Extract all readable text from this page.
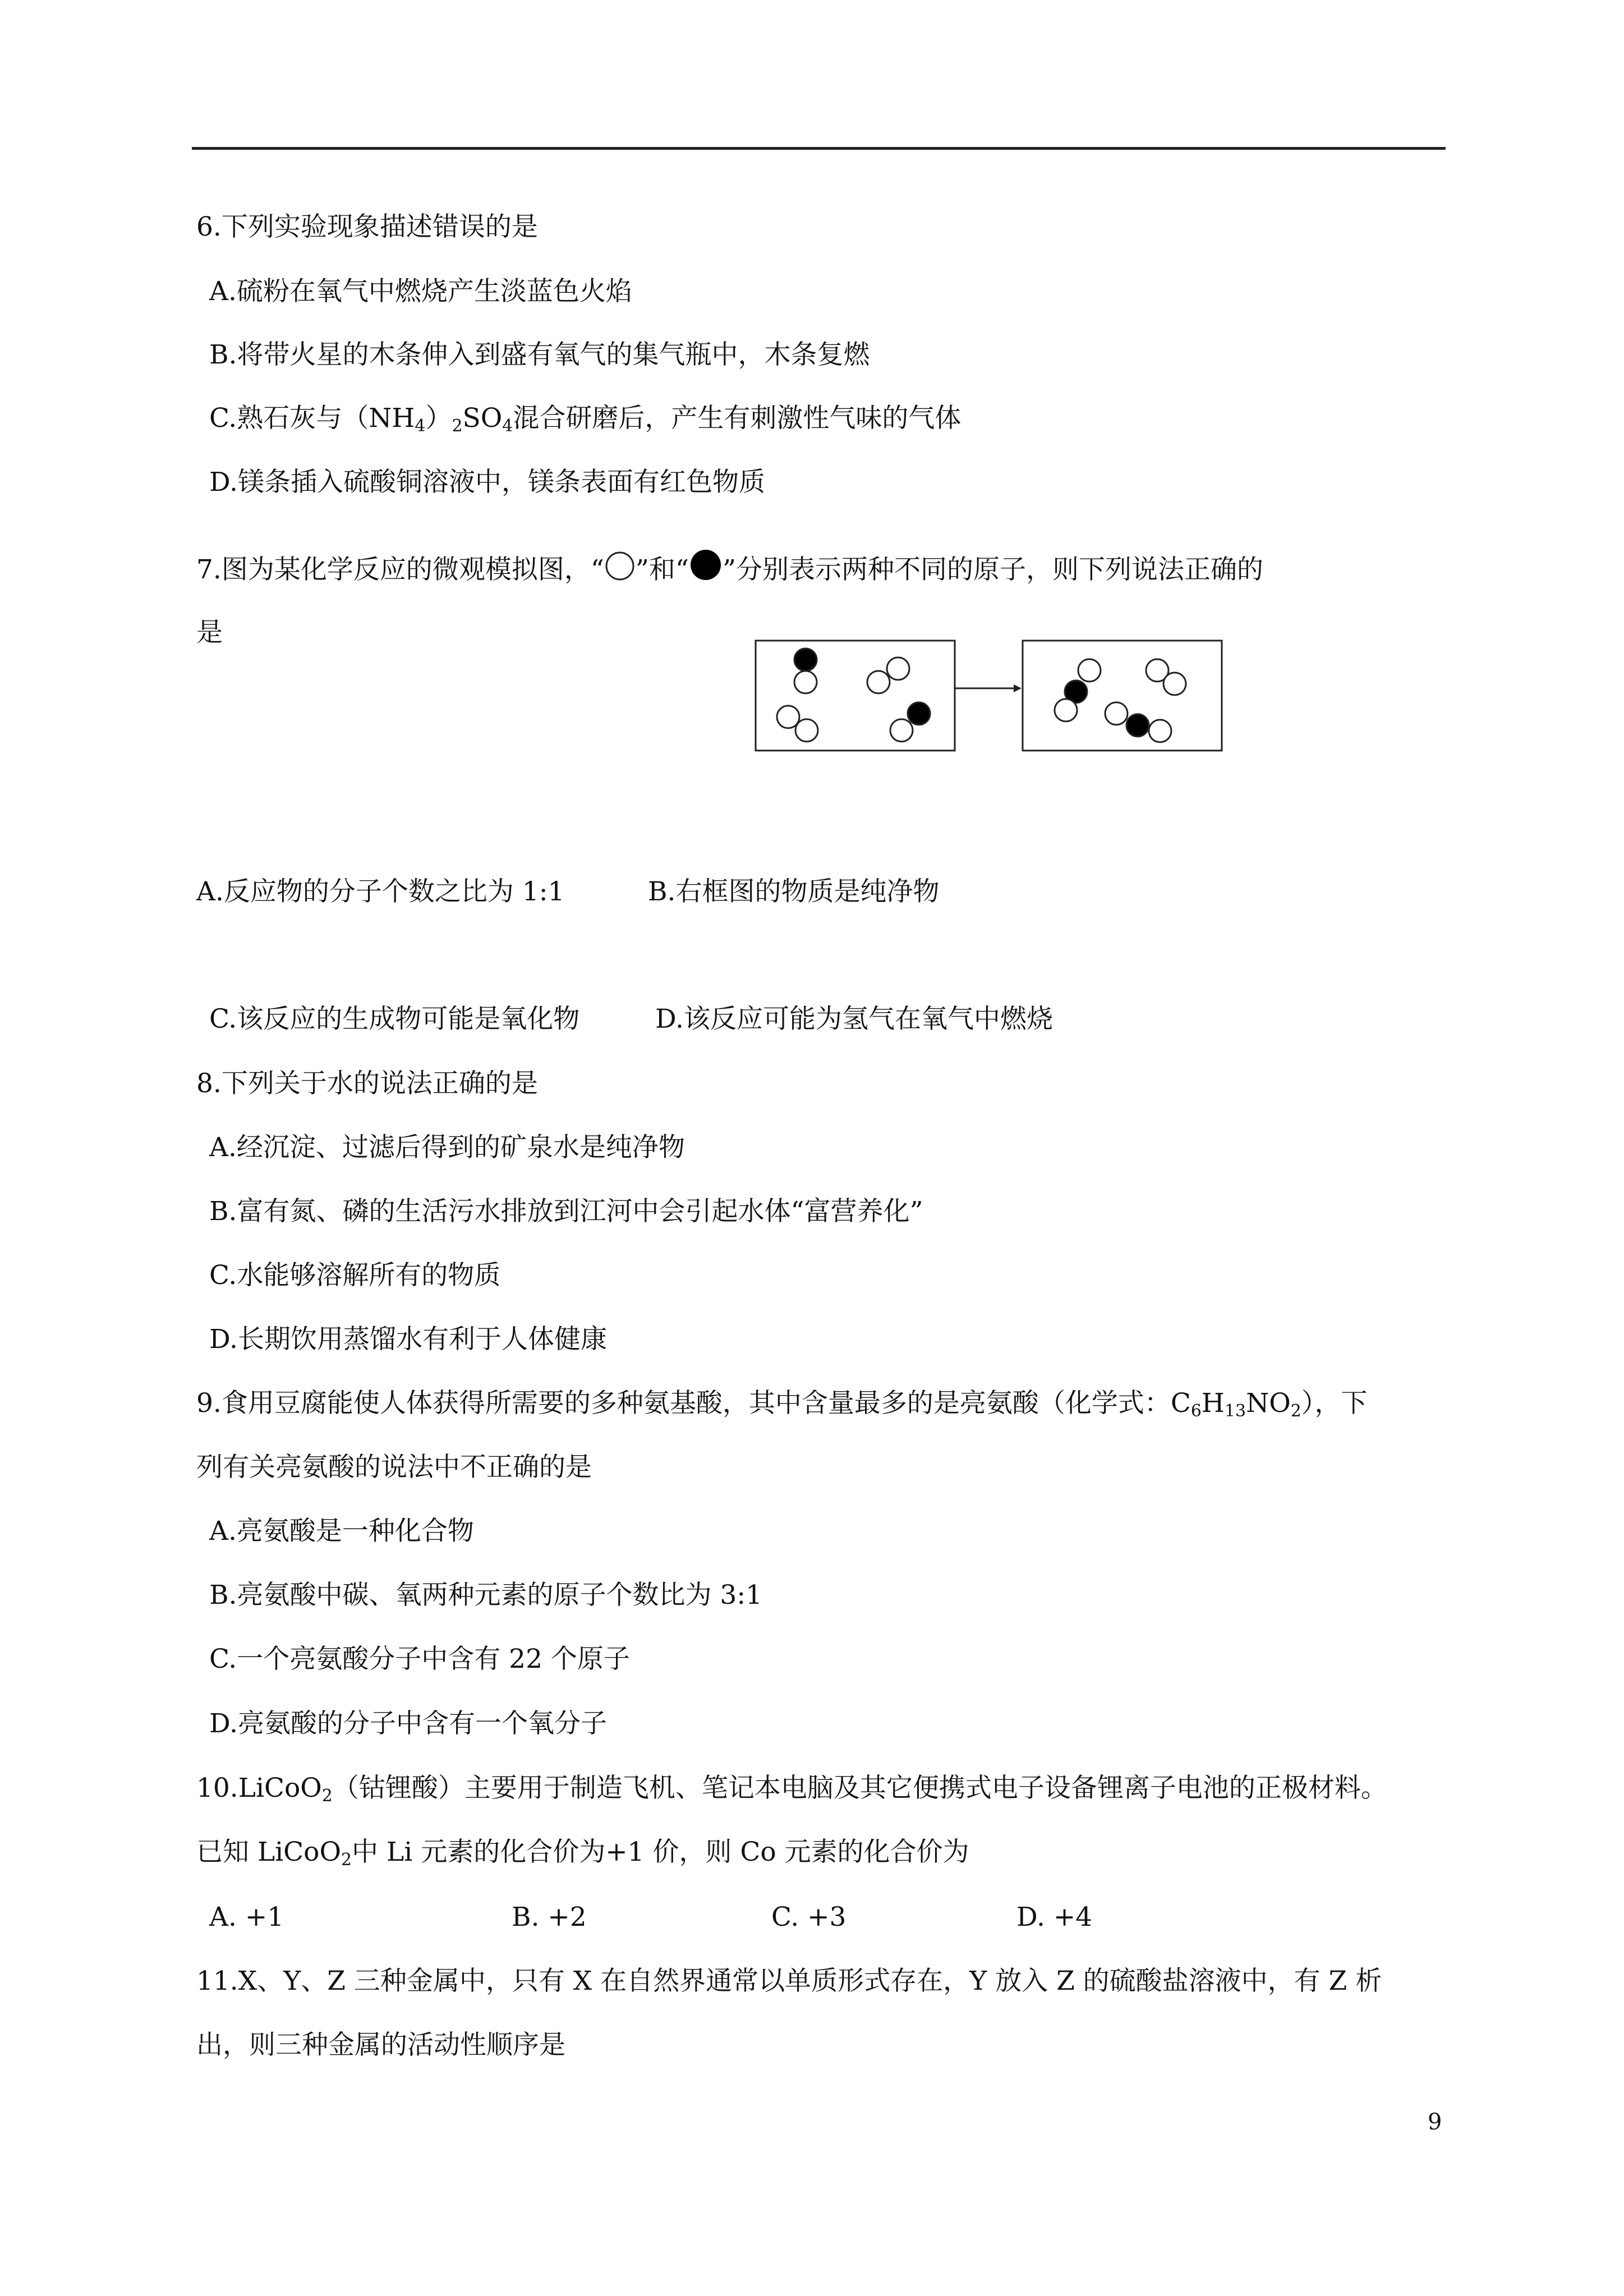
6.下列实验现象描述错误的是
A.硫粉在氧气中燃烧产生淡蓝色火焰
B.将带火星的木条伸入到盛有氧气的集气瓶中，木条复燃
C.熟石灰与$(NH_4)_2SO_4$混合研磨后，产生有刺激性气味的气体
D.镁条插入硫酸铜溶液中，镁条表面有红色物质
7.图为某化学反应的微观模拟图，“ ”和“ ”分别表示两种不同的原子，则下列说法正确的
是
A.反应物的分子个数之比为 1:1	B.右框图的物质是纯净物
C.该反应的生成物可能是氧化物	D.该反应可能为氢气在氧气中燃烧
8.下列关于水的说法正确的是
A.经沉淀、过滤后得到的矿泉水是纯净物
B.富有氮、磷的生活污水排放到江河中会引起水体“富营养化”
C.水能够溶解所有的物质
D.长期饮用蒸馏水有利于人体健康
9.食用豆腐能使人体获得所需要的多种氨基酸，其中含量最多的是亮氨酸（化学式：$C_6H_{13}NO_2$），下
列有关亮氨酸的说法中不正确的是
A.亮氨酸是一种化合物
B.亮氨酸中碳、氧两种元素的原子个数比为 3:1
C.一个亮氨酸分子中含有 22 个原子
D.亮氨酸的分子中含有一个氧分子
10.LiCoO$_2$（钴锂酸）主要用于制造飞机、笔记本电脑及其它便携式电子设备锂离子电池的正极材料。
已知 LiCoO$_2$中 Li 元素的化合价为+1 价，则 Co 元素的化合价为
A. +1	B. +2	C. +3	D. +4
11.X、Y、Z 三种金属中，只有 X 在自然界通常以单质形式存在，Y 放入 Z 的硫酸盐溶液中，有 Z 析
出，则三种金属的活动性顺序是
9
